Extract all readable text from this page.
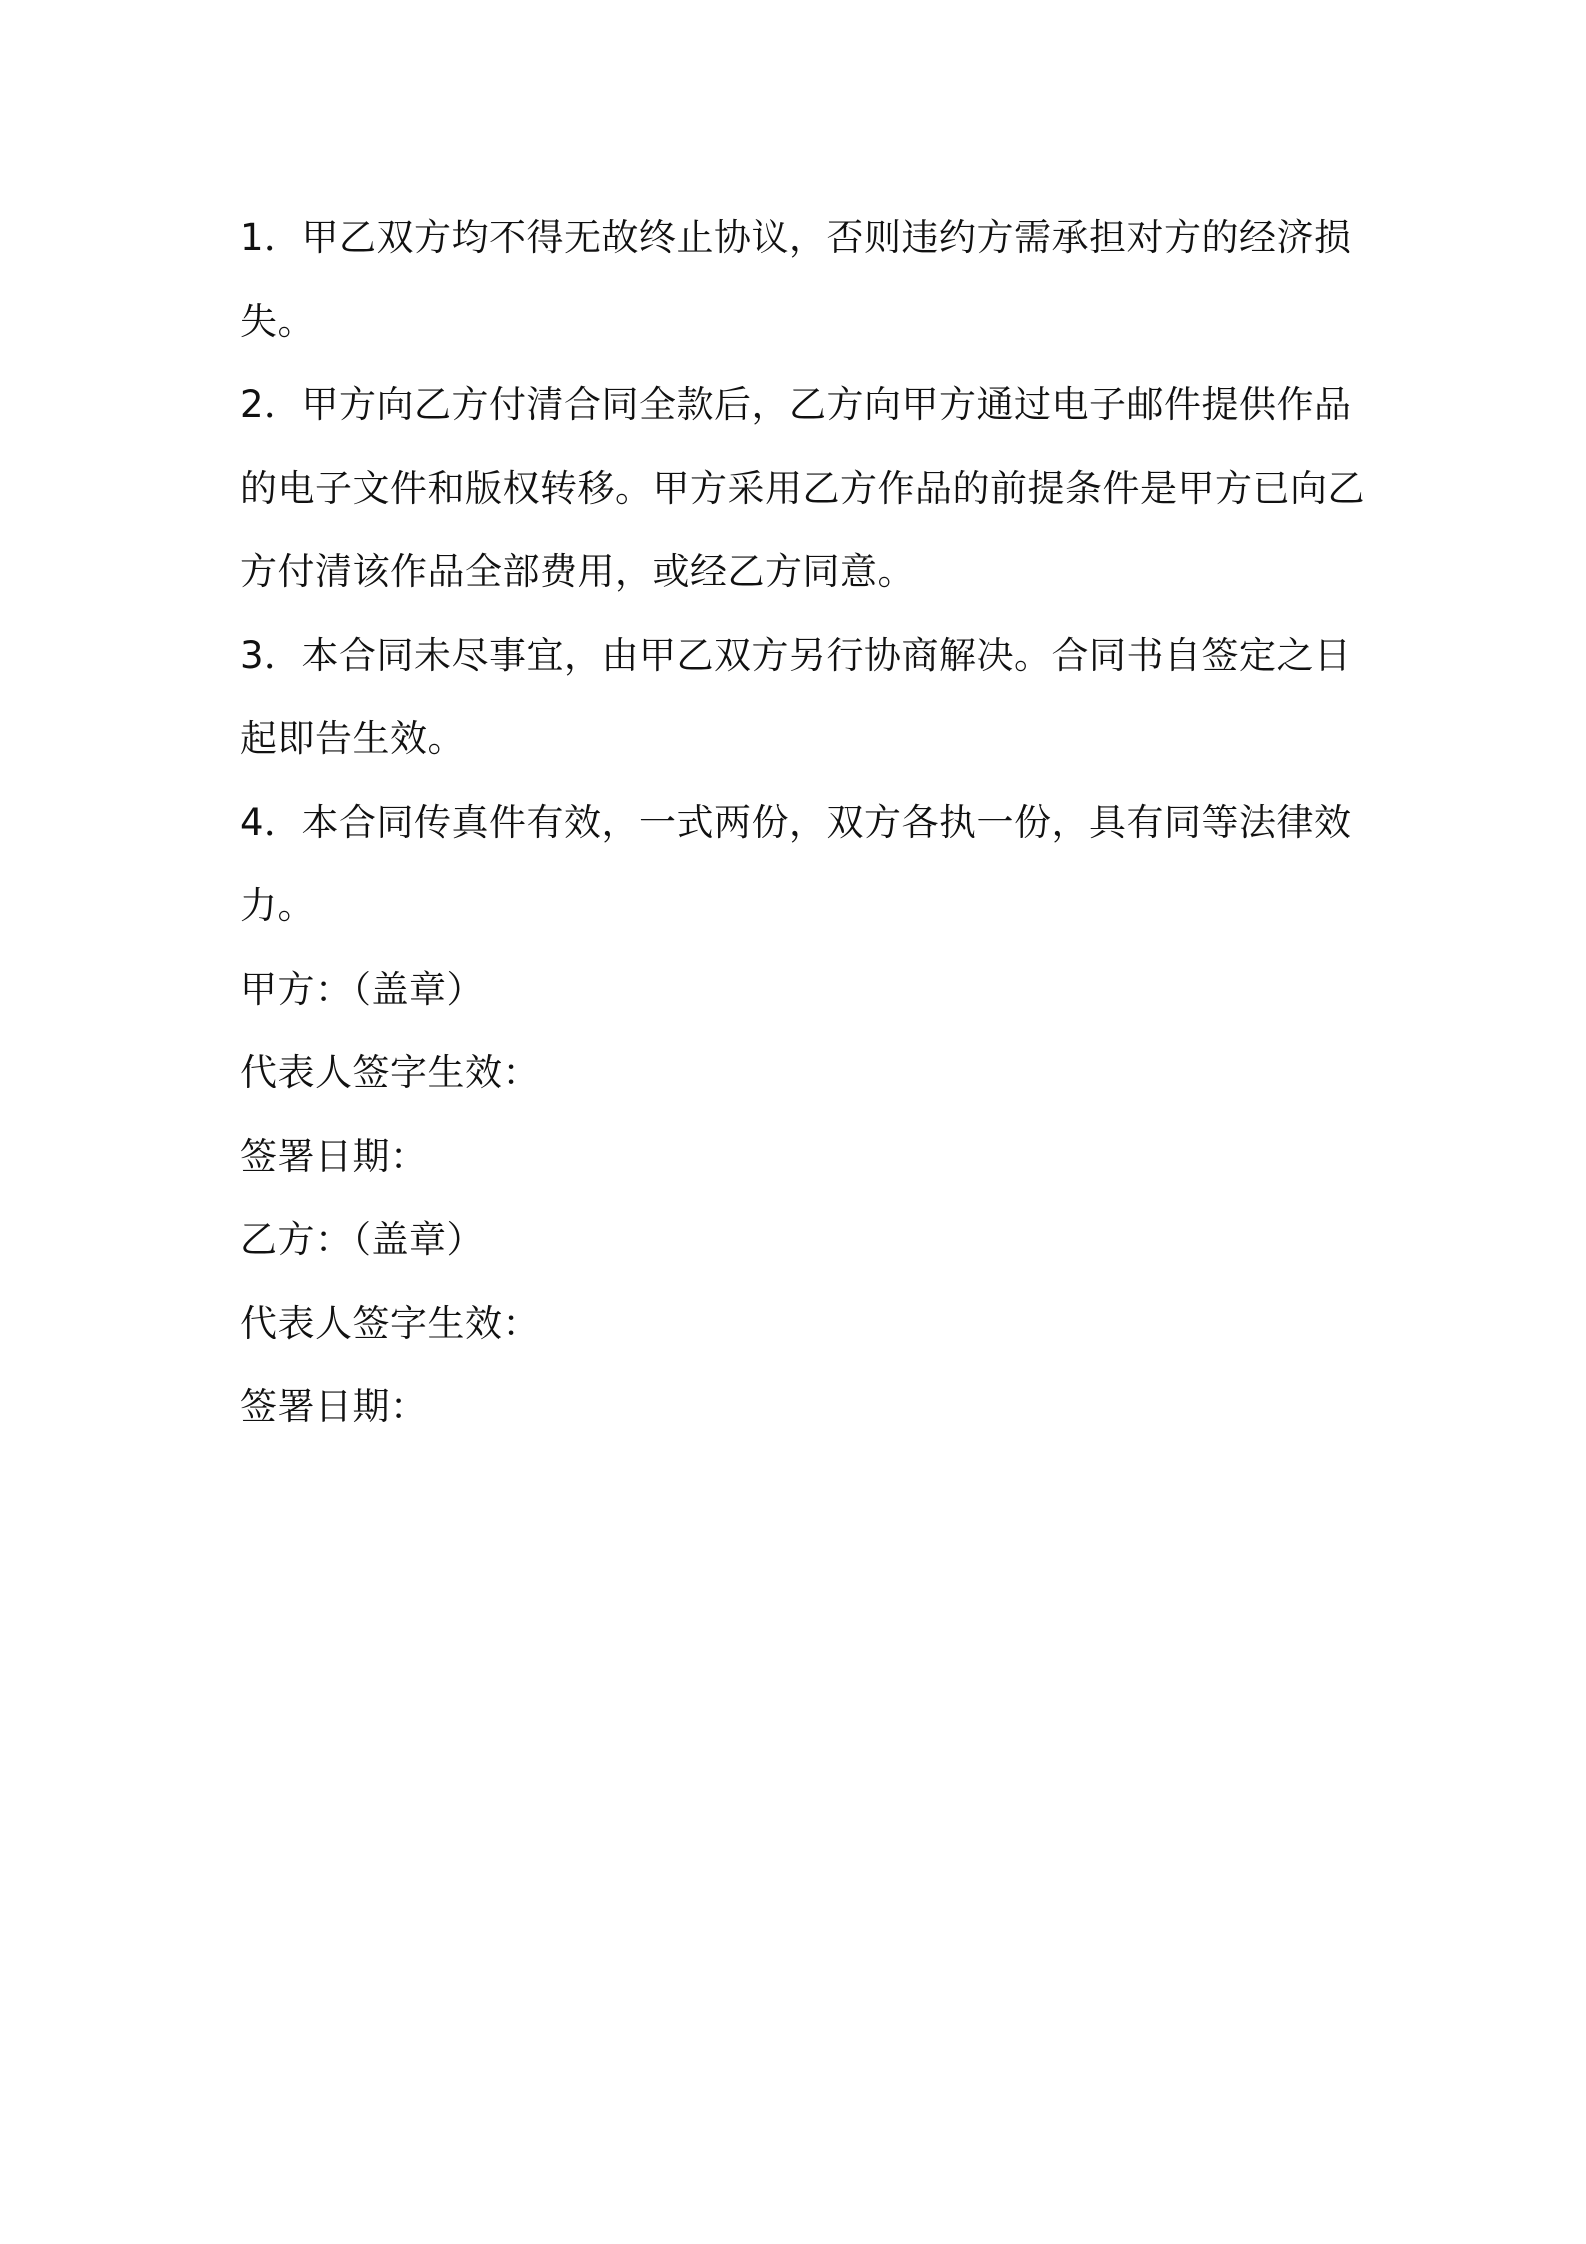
1．甲乙双方均不得无故终止协议，否则违约方需承担对方的经济损
失。
2．甲方向乙方付清合同全款后，乙方向甲方通过电子邮件提供作品
的电子文件和版权转移。甲方采用乙方作品的前提条件是甲方已向乙
方付清该作品全部费用，或经乙方同意。
3．本合同未尽事宜，由甲乙双方另行协商解决。合同书自签定之日
起即告生效。
4．本合同传真件有效，一式两份，双方各执一份，具有同等法律效
力。
甲方：（盖章）
代表人签字生效：
签署日期：
乙方：（盖章）
代表人签字生效：
签署日期：
